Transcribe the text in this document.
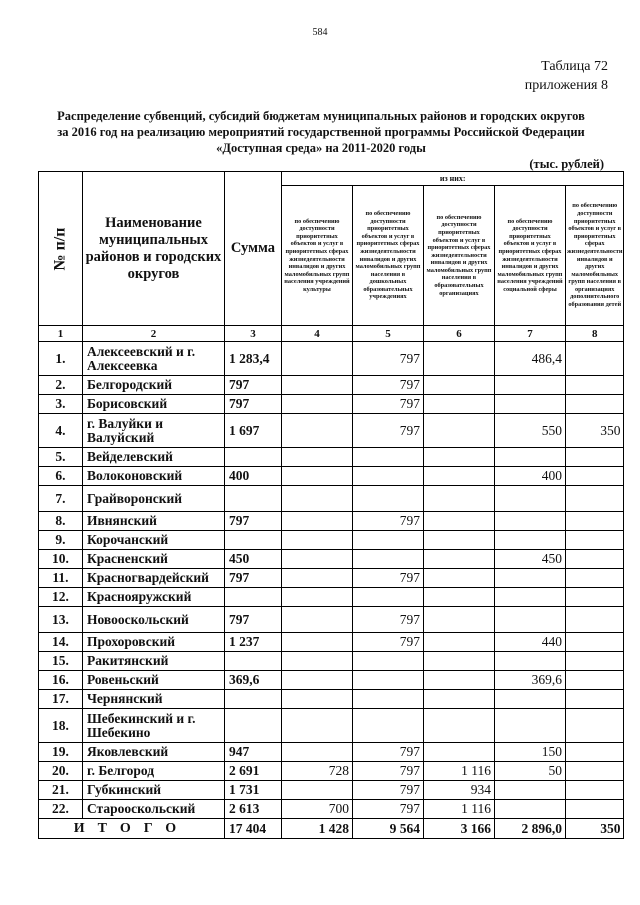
584
Таблица 72
приложения 8
Распределение субвенций, субсидий бюджетам муниципальных районов и городских округов
за 2016 год на реализацию мероприятий государственной программы Российской Федерации
«Доступная среда» на 2011-2020 годы
(тыс. рублей)
№ п/п	Наименование муниципальных районов и городских округов	Сумма	из них:				
			по обеспечению доступности приоритетных объектов и услуг в приоритетных сферах жизнедеятельности инвалидов и других маломобильных групп населения учреждений культуры	по обеспечению доступности приоритетных объектов и услуг в приоритетных сферах жизнедеятельности инвалидов и других маломобильных групп населения в дошкольных образовательных учреждениях	по обеспечению доступности приоритетных объектов и услуг в приоритетных сферах жизнедеятельности инвалидов и других маломобильных групп населения в образовательных организациях	по обеспечению доступности приоритетных объектов и услуг в приоритетных сферах жизнедеятельности инвалидов и других маломобильных групп населения учреждений социальной сферы	по обеспечению доступности приоритетных объектов и услуг в приоритетных сферах жизнедеятельности инвалидов и других маломобильных групп населения в организациях дополнительного образования детей
1	2	3	4	5	6	7	8
1.	Алексеевский и г. Алексеевка	1 283,4		797		486,4	
2.	Белгородский	797		797			
3.	Борисовский	797		797			
4.	г. Валуйки и Валуйский	1 697		797		550	350
5.	Вейделевский						
6.	Волоконовский	400				400	
7.	Грайворонский						
8.	Ивнянский	797		797			
9.	Корочанский						
10.	Красненский	450				450	
11.	Красногвардейский	797		797			
12.	Краснояружский						
13.	Новооскольский	797		797			
14.	Прохоровский	1 237		797		440	
15.	Ракитянский						
16.	Ровеньский	369,6				369,6	
17.	Чернянский						
18.	Шебекинский и г. Шебекино						
19.	Яковлевский	947		797		150	
20.	г. Белгород	2 691	728	797	1 116	50	
21.	Губкинский	1 731		797	934		
22.	Старооскольский	2 613	700	797	1 116		
ИТОГО		17 404	1 428	9 564	3 166	2 896,0	350
